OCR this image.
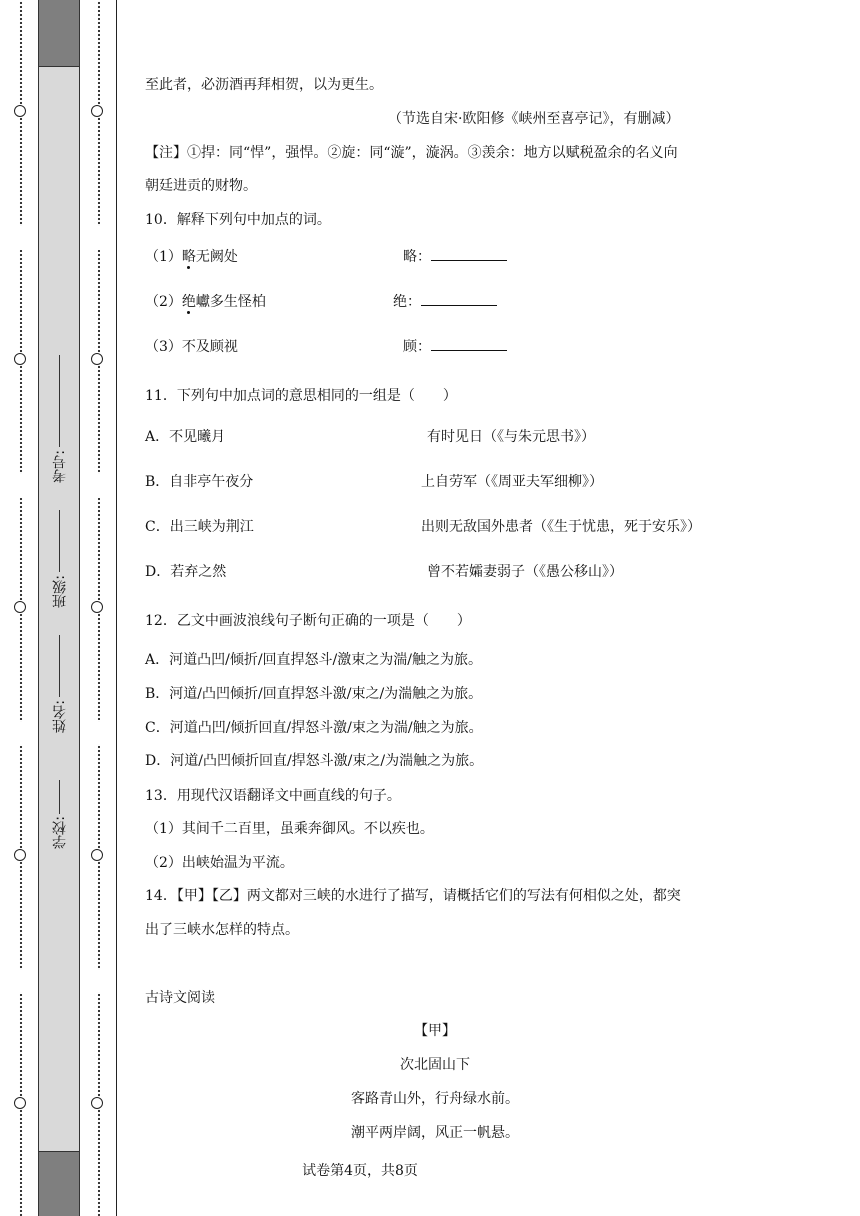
学校:
姓名:
班级:
考号:
至此者，必沥酒再拜相贺，以为更生。
（节选自宋·欧阳修《峡州至喜亭记》，有删减）
【注】①捍：同“悍”，强悍。②旋：同“漩”，漩涡。③羡余：地方以赋税盈余的名义向
朝廷进贡的财物。
10．解释下列句中加点的词。
（1）略无阙处	略：
（2）绝巘多生怪柏	绝：
（3）不及顾视	顾：
11．下列句中加点词的意思相同的一组是（　　）
A．不见曦月	有时见日（《与朱元思书》）
B．自非亭午夜分	上自劳军（《周亚夫军细柳》）
C．出三峡为荆江	出则无敌国外患者（《生于忧患，死于安乐》）
D．若弃之然	曾不若孀妻弱子（《愚公移山》）
12．乙文中画波浪线句子断句正确的一项是（　　）
A．河道凸凹/倾折/回直捍怒斗/激束之为湍/触之为旅。
B．河道/凸凹倾折/回直捍怒斗激/束之/为湍触之为旅。
C．河道凸凹/倾折回直/捍怒斗激/束之为湍/触之为旅。
D．河道/凸凹倾折回直/捍怒斗激/束之/为湍触之为旅。
13．用现代汉语翻译文中画直线的句子。
（1）其间千二百里，虽乘奔御风。不以疾也。
（2）出峡始温为平流。
14．【甲】【乙】两文都对三峡的水进行了描写，请概括它们的写法有何相似之处，都突
出了三峡水怎样的特点。
古诗文阅读
【甲】
次北固山下
客路青山外，行舟绿水前。
潮平两岸阔，风正一帆悬。
试卷第4页，共8页
